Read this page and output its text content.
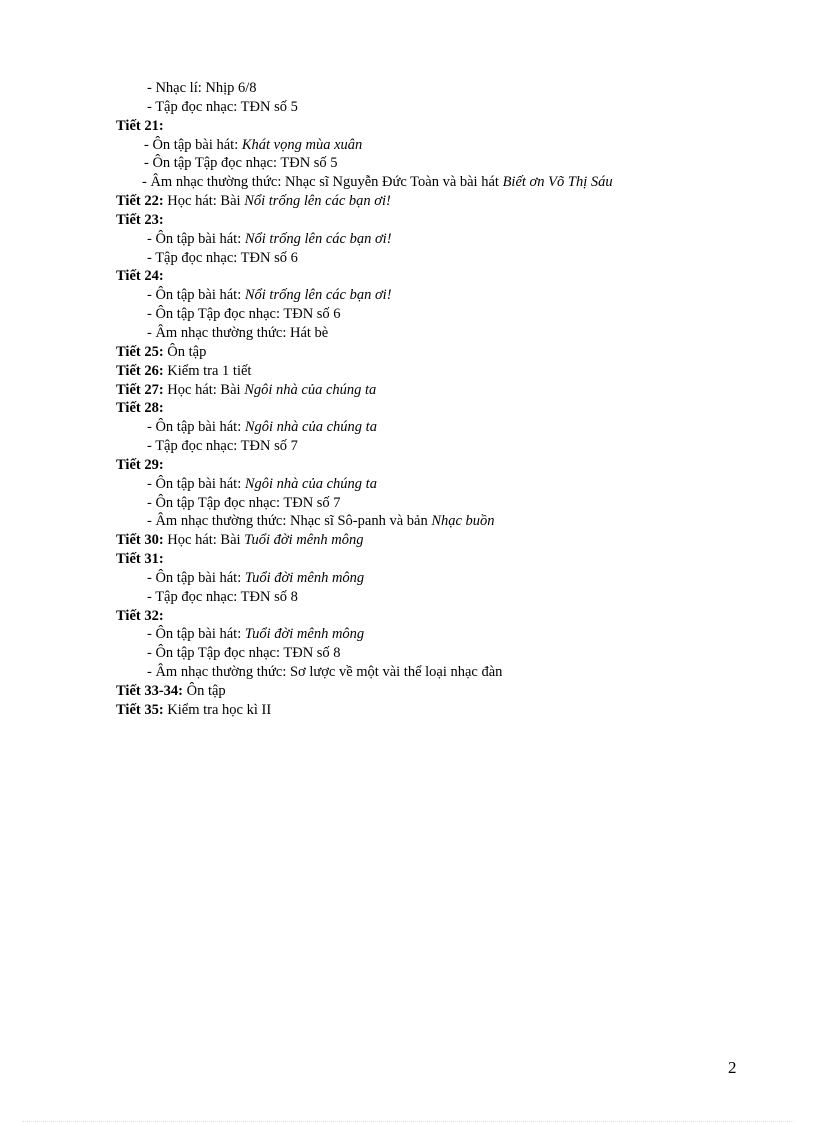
- Nhạc lí: Nhịp 6/8
- Tập đọc nhạc: TĐN số 5
Tiết 21:
- Ôn tập bài hát: Khát vọng mùa xuân
- Ôn tập Tập đọc nhạc: TĐN số 5
- Âm nhạc thường thức: Nhạc sĩ Nguyễn Đức Toàn và bài hát Biết ơn Võ Thị Sáu
Tiết 22: Học hát: Bài Nổi trống lên các bạn ơi!
Tiết 23:
- Ôn tập bài hát: Nổi trống lên các bạn ơi!
- Tập đọc nhạc: TĐN số 6
Tiết 24:
- Ôn tập bài hát: Nổi trống lên các bạn ơi!
- Ôn tập Tập đọc nhạc: TĐN số 6
- Âm nhạc thường thức: Hát bè
Tiết 25: Ôn tập
Tiết 26: Kiểm tra 1 tiết
Tiết 27: Học hát: Bài Ngôi nhà của chúng ta
Tiết 28:
- Ôn tập bài hát: Ngôi nhà của chúng ta
- Tập đọc nhạc: TĐN số 7
Tiết 29:
- Ôn tập bài hát: Ngôi nhà của chúng ta
- Ôn tập Tập đọc nhạc: TĐN số 7
- Âm nhạc thường thức: Nhạc sĩ Sô-panh và bản Nhạc buồn
Tiết 30: Học hát: Bài Tuổi đời mênh mông
Tiết 31:
- Ôn tập bài hát: Tuổi đời mênh mông
- Tập đọc nhạc: TĐN số 8
Tiết 32:
- Ôn tập bài hát: Tuổi đời mênh mông
- Ôn tập Tập đọc nhạc: TĐN số 8
- Âm nhạc thường thức: Sơ lược về một vài thể loại nhạc đàn
Tiết 33-34: Ôn tập
Tiết 35: Kiểm tra học kì II
2
